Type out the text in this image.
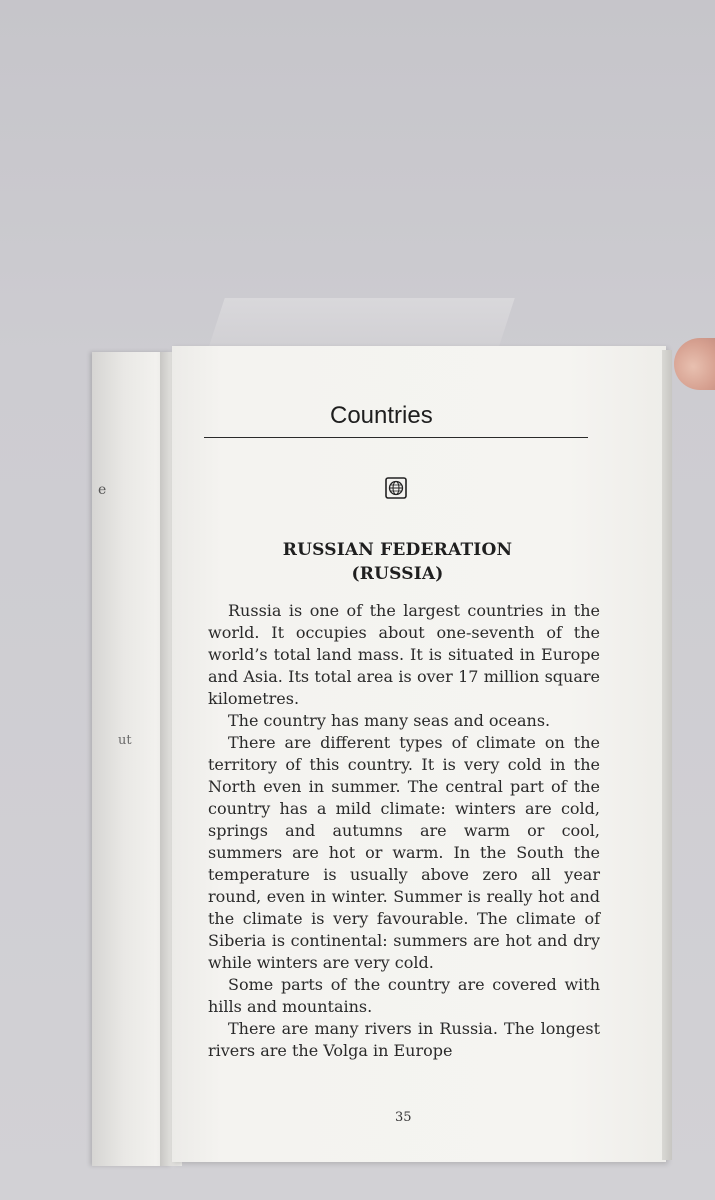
e
ut
Countries
RUSSIAN FEDERATION
(RUSSIA)

Russia is one of the largest countries in the world. It occupies about one-seventh of the world’s total land mass. It is situated in Europe and Asia. Its total area is over 17 million square kilometres.

The country has many seas and oceans.

There are different types of climate on the territory of this country. It is very cold in the North even in summer. The central part of the country has a mild climate: winters are cold, springs and autumns are warm or cool, summers are hot or warm. In the South the temperature is usually above zero all year round, even in winter. Summer is really hot and the climate is very favourable. The climate of Siberia is continental: summers are hot and dry while winters are very cold.

Some parts of the country are covered with hills and mountains.

There are many rivers in Russia. The longest rivers are the Volga in Europe

35
